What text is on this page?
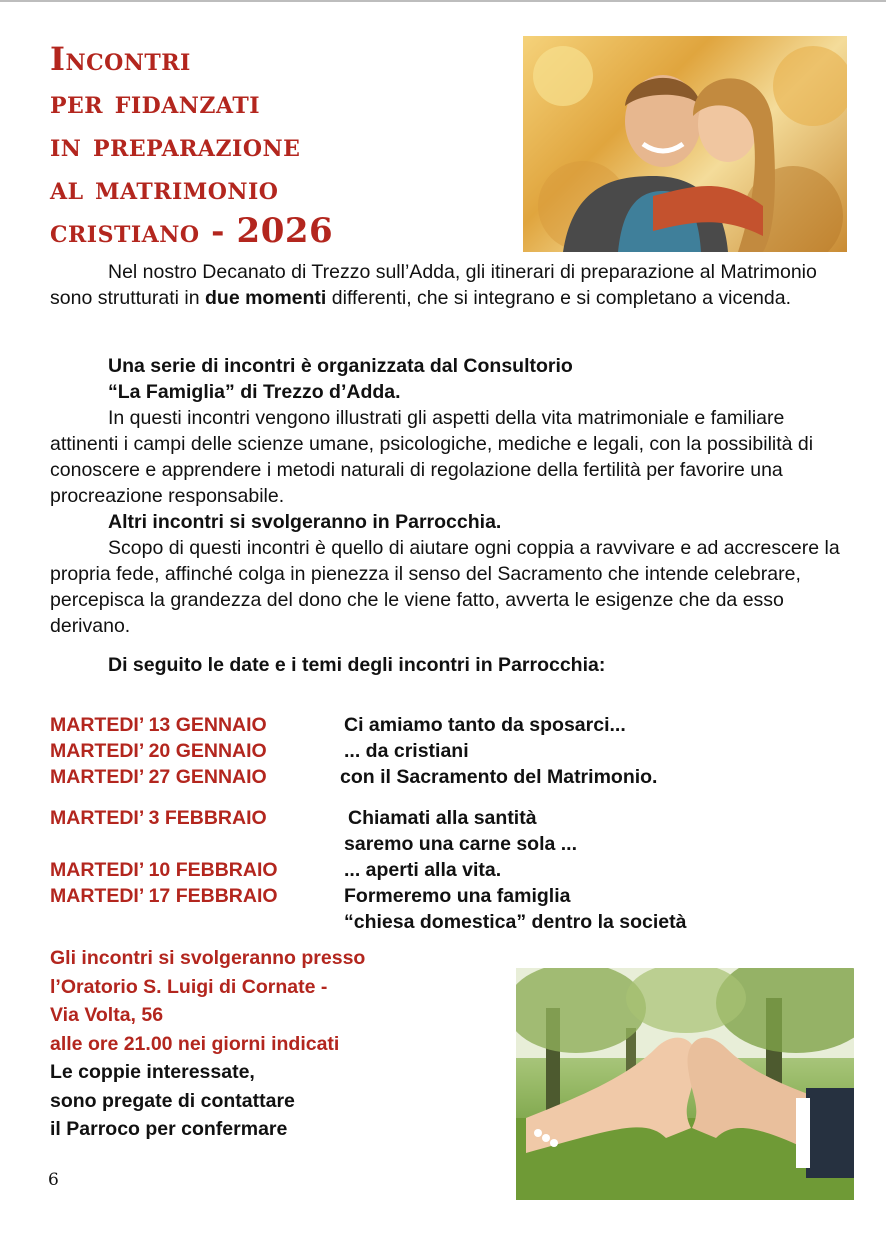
Incontri
per fidanzati
in preparazione
al matrimonio
cristiano - 2026
Nel nostro Decanato di Trezzo sull’Adda, gli itinerari di preparazione al Matrimonio sono strutturati in due momenti differenti, che si integrano e si completano a vicenda.
Una serie di incontri è organizzata dal Consultorio
“La Famiglia” di Trezzo d’Adda.
In questi incontri vengono illustrati gli aspetti della vita matrimoniale e familiare attinenti i campi delle scienze umane, psicologiche, mediche e legali, con la possibilità di conoscere e apprendere i metodi naturali di regolazione della fertilità per favorire una procreazione responsabile.
Altri incontri si svolgeranno in Parrocchia.
Scopo di questi incontri è quello di aiutare ogni coppia a ravvivare e ad accrescere la propria fede, affinché colga in pienezza il senso del Sacramento che intende celebrare, percepisca la grandezza del dono che le viene fatto, avverta le esigenze che da esso derivano.
Di seguito le date e i temi degli incontri in Parrocchia:
MARTEDI’ 13 GENNAIO	Ci amiamo tanto da sposarci...
MARTEDI’ 20 GENNAIO	... da cristiani
MARTEDI’ 27 GENNAIO	con il Sacramento del Matrimonio.
MARTEDI’ 3 FEBBRAIO	Chiamati alla santità
saremo una carne sola ...
MARTEDI’ 10 FEBBRAIO	... aperti alla vita.
MARTEDI’ 17 FEBBRAIO	Formeremo una famiglia
“chiesa domestica” dentro la società
Gli incontri si svolgeranno presso
l’Oratorio S. Luigi di Cornate -
Via Volta, 56
alle ore 21.00 nei giorni indicati
Le coppie interessate,
sono pregate di contattare
il Parroco per confermare
6
